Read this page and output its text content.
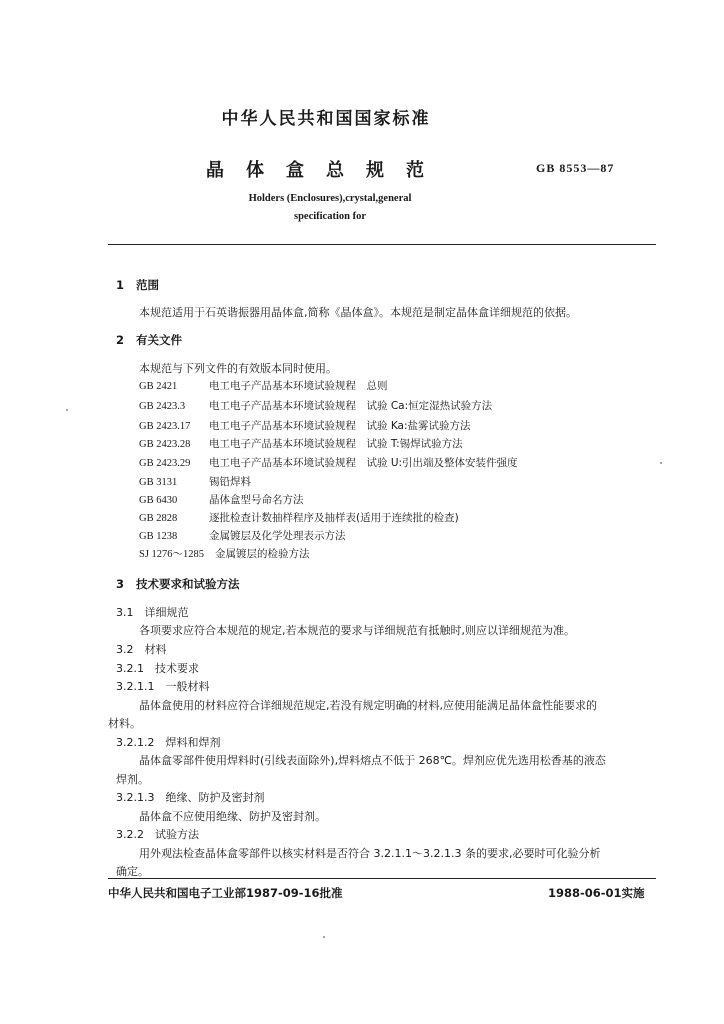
中华人民共和国国家标准
晶体盒总规范	GB 8553—87
Holders (Enclosures),crystal,general
specification for
1 范围
本规范适用于石英谐振器用晶体盒,简称《晶体盒》。本规范是制定晶体盒详细规范的依据。
2 有关文件
本规范与下列文件的有效版本同时使用。
GB 2421	电工电子产品基本环境试验规程　总则
GB 2423.3 电工电子产品基本环境试验规程　试验 Ca:恒定湿热试验方法
GB 2423.17 电工电子产品基本环境试验规程　试验 Ka:盐雾试验方法
GB 2423.28 电工电子产品基本环境试验规程　试验 T:锡焊试验方法
GB 2423.29 电工电子产品基本环境试验规程　试验 U:引出端及整体安装件强度
GB 3131	锡铅焊料
GB 6430	晶体盒型号命名方法
GB 2828	逐批检查计数抽样程序及抽样表(适用于连续批的检查)
GB 1238	金属镀层及化学处理表示方法
SJ 1276～1285 金属镀层的检验方法
3 技术要求和试验方法
3.1　详细规范
各项要求应符合本规范的规定,若本规范的要求与详细规范有抵触时,则应以详细规范为准。
3.2　材料
3.2.1　技术要求
3.2.1.1　一般材料
晶体盒使用的材料应符合详细规范规定,若没有规定明确的材料,应使用能满足晶体盒性能要求的
材料。
3.2.1.2　焊料和焊剂
晶体盒零部件使用焊料时(引线表面除外),焊料熔点不低于 268℃。焊剂应优先选用松香基的液态
焊剂。
3.2.1.3　绝缘、防护及密封剂
晶体盒不应使用绝缘、防护及密封剂。
3.2.2　试验方法
用外观法检查晶体盒零部件以核实材料是否符合 3.2.1.1～3.2.1.3 条的要求,必要时可化验分析
确定。
中华人民共和国电子工业部1987-09-16批准	1988-06-01实施
